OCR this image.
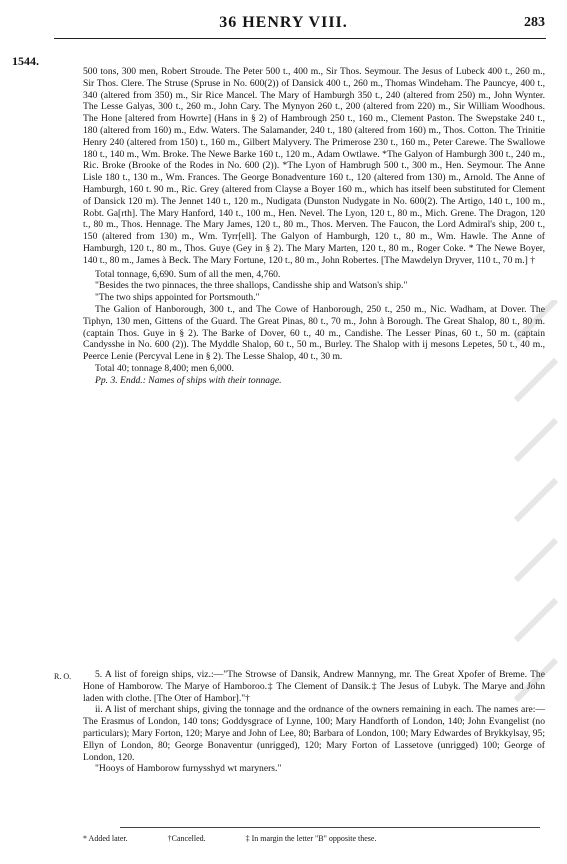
36 HENRY VIII.	283
1544.

500 tons, 300 men, Robert Stroude. The Peter 500 t., 400 m., Sir Thos. Seymour. The Jesus of Lubeck 400 t., 260 m., Sir Thos. Clere. The Struse (Spruse in No. 600(2)) of Dansick 400 t., 260 m., Thomas Windeham. The Pauncye, 400 t., 340 (altered from 350) m., Sir Rice Mancel. The Mary of Hamburgh 350 t., 240 (altered from 250) m., John Wynter. The Lesse Galyas, 300 t., 260 m., John Cary. The Mynyon 260 t., 200 (altered from 220) m., Sir William Woodhous. The Hone [altered from Howrte] (Hans in § 2) of Hambrough 250 t., 160 m., Clement Paston. The Swepstake 240 t., 180 (altered from 160) m., Edw. Waters. The Salamander, 240 t., 180 (altered from 160) m., Thos. Cotton. The Trinitie Henry 240 (altered from 150) t., 160 m., Gilbert Malyvery. The Primerose 230 t., 160 m., Peter Carewe. The Swallowe 180 t., 140 m., Wm. Broke. The Newe Barke 160 t., 120 m., Adam Owtlawe. *The Galyon of Hamburgh 300 t., 240 m., Ric. Broke (Brooke of the Rodes in No. 600 (2)). *The Lyon of Hambrugh 500 t., 300 m., Hen. Seymour. The Anne Lisle 180 t., 130 m., Wm. Frances. The George Bonadventure 160 t., 120 (altered from 130) m., Arnold. The Anne of Hamburgh, 160 t. 90 m., Ric. Grey (altered from Clayse a Boyer 160 m., which has itself been substituted for Clement of Dansick 120 m). The Jennet 140 t., 120 m., Nudigata (Dunston Nudygate in No. 600(2). The Artigo, 140 t., 100 m., Robt. Ga[rth]. The Mary Hanford, 140 t., 100 m., Hen. Nevel. The Lyon, 120 t., 80 m., Mich. Grene. The Dragon, 120 t., 80 m., Thos. Hennage. The Mary James, 120 t., 80 m., Thos. Merven. The Faucon, the Lord Admiral's ship, 200 t., 150 (altered from 130) m., Wm. Tyrr[ell]. The Galyon of Hamburgh, 120 t., 80 m., Wm. Hawle. The Anne of Hamburgh, 120 t., 80 m., Thos. Guye (Gey in § 2). The Mary Marten, 120 t., 80 m., Roger Coke. * The Newe Boyer, 140 t., 80 m., James à Beck. The Mary Fortune, 120 t., 80 m., John Robertes. [The Mawdelyn Dryver, 110 t., 70 m.] †

Total tonnage, 6,690. Sum of all the men, 4,760.

"Besides the two pinnaces, the three shallops, Candisshe ship and Watson's ship."

"The two ships appointed for Portsmouth."

The Galion of Hanborough, 300 t., and The Cowe of Hanborough, 250 t., 250 m., Nic. Wadham, at Dover. The Tiphyn, 130 men, Gittens of the Guard. The Great Pinas, 80 t., 70 m., John à Borough. The Great Shalop, 80 t., 80 m. (captain Thos. Guye in § 2). The Barke of Dover, 60 t., 40 m., Candishe. The Lesser Pinas, 60 t., 50 m. (captain Candysshe in No. 600 (2)). The Myddle Shalop, 60 t., 50 m., Burley. The Shalop with ij mesons Lepetes, 50 t., 40 m., Peerce Lenie (Percyval Lene in § 2). The Lesse Shalop, 40 t., 30 m.

Total 40; tonnage 8,400; men 6,000.

Pp. 3. Endd.: Names of ships with their tonnage.

R. O.	5. A list of foreign ships, viz.:—"The Strowse of Dansik, Andrew Mannyng, mr. The Great Xpofer of Breme. The Hone of Hamborow. The Marye of Hamboroo.‡ The Clement of Dansik.‡ The Jesus of Lubyk. The Marye and John laden with clothe. [The Oter of Hambor]."†

ii. A list of merchant ships, giving the tonnage and the ordnance of the owners remaining in each. The names are:—The Erasmus of London, 140 tons; Goddysgrace of Lynne, 100; Mary Handforth of London, 140; John Evangelist (no particulars); Mary Forton, 120; Marye and John of Lee, 80; Barbara of London, 100; Mary Edwardes of Brykkylsay, 95; Ellyn of London, 80; George Bonaventur (unrigged), 120; Mary Forton of Lassetove (unrigged) 100; George of London, 120.

"Hooys of Hamborow furnysshyd wt maryners."

* Added later.	†Cancelled.	‡ In margin the letter "B" opposite these.
